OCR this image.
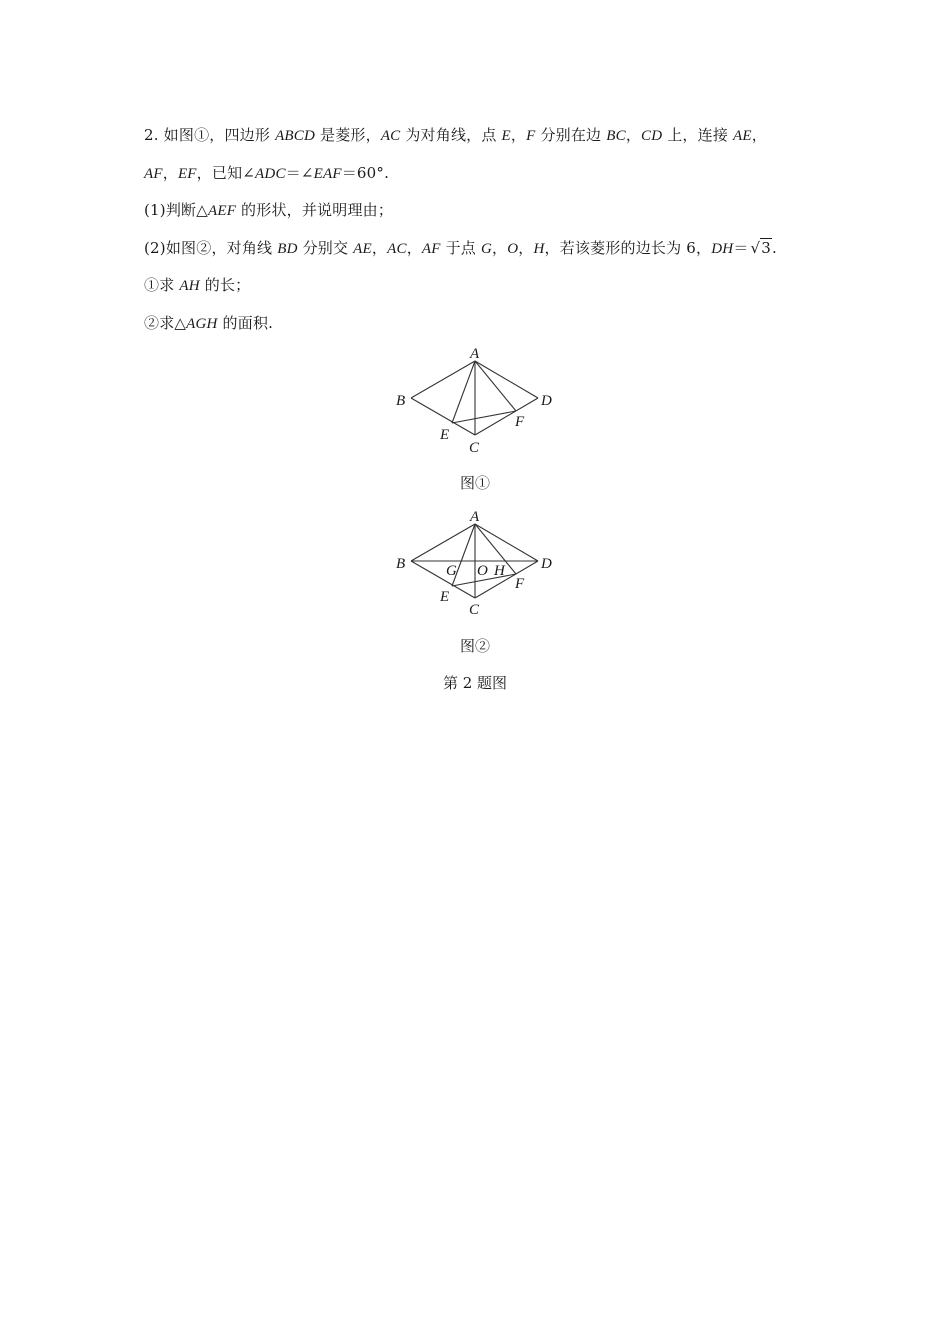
2. 如图①，四边形 ABCD 是菱形，AC 为对角线，点 E，F 分别在边 BC，CD 上，连接 AE，
AF，EF，已知∠ADC＝∠EAF＝60°.
(1)判断△AEF 的形状，并说明理由；
(2)如图②，对角线 BD 分别交 AE，AC，AF 于点 G，O，H，若该菱形的边长为 6，DH＝ √3.
①求 AH 的长；
②求△AGH 的面积.
A
B
C
D
E
F
图①
A
B
C
D
E
F
G O H
图②
第 2 题图
